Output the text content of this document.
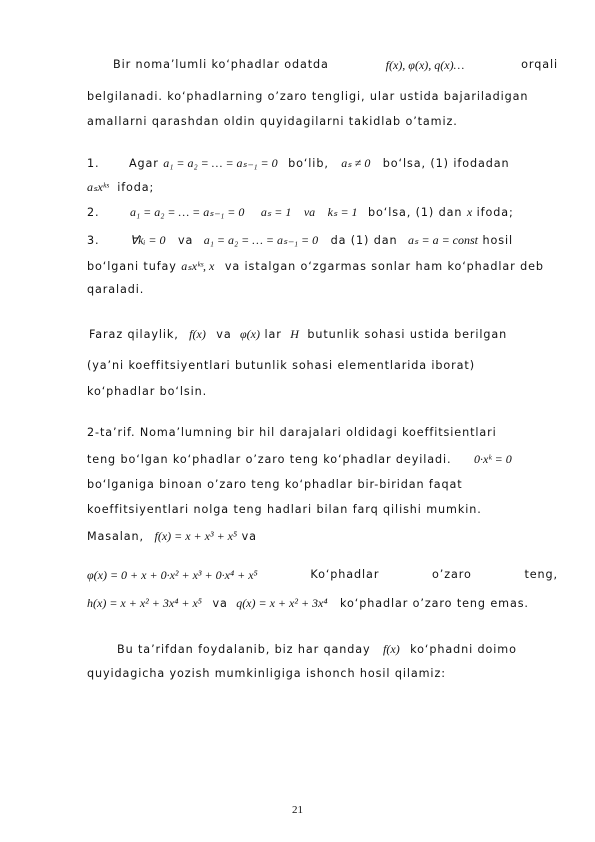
Bir noma’lumli ko‘phadlar odatda	f(x), φ(x), q(x)…	orqali
belgilanadi. ko‘phadlarning o’zaro tengligi, ular ustida bajariladigan
amallarni qarashdan oldin quyidagilarni takidlab o’tamiz.
1.	Agar a₁ = a₂ = … = aₛ₋₁ = 0 bo‘lib, aₛ ≠ 0 bo‘lsa, (1) ifodadan
aₛxᵏˢ ifoda;
2.	a₁ = a₂ = … = aₛ₋₁ = 0 aₛ = 1 va kₛ = 1 bo‘lsa, (1) dan x ifoda;
3.	∀kᵢ = 0 va a₁ = a₂ = … = aₛ₋₁ = 0 da (1) dan aₛ = a = const hosil
bo‘lgani tufay aₛxᵏˢ, x va istalgan o‘zgarmas sonlar ham ko‘phadlar deb
qaraladi.
Faraz qilaylik, f(x) va φ(x) lar H butunlik sohasi ustida berilgan
(ya’ni koeffitsiyentlari butunlik sohasi elementlarida iborat)
ko‘phadlar bo‘lsin.
2-ta’rif. Noma’lumning bir hil darajalari oldidagi koeffitsientlari
teng bo‘lgan ko‘phadlar o’zaro teng ko‘phadlar deyiladi. 0·xᵏ = 0
bo‘lganiga binoan o’zaro teng ko‘phadlar bir-biridan faqat
koeffitsiyentlari nolga teng hadlari bilan farq qilishi mumkin.
Masalan, f(x) = x + x³ + x⁵ va
φ(x) = 0 + x + 0·x² + x³ + 0·x⁴ + x⁵	Ko‘phadlar	o’zaro	teng,
h(x) = x + x² + 3x⁴ + x⁵ va q(x) = x + x² + 3x⁴ ko‘phadlar o’zaro teng emas.
Bu ta’rifdan foydalanib, biz har qanday f(x) ko‘phadni doimo
quyidagicha yozish mumkinligiga ishonch hosil qilamiz:
21
